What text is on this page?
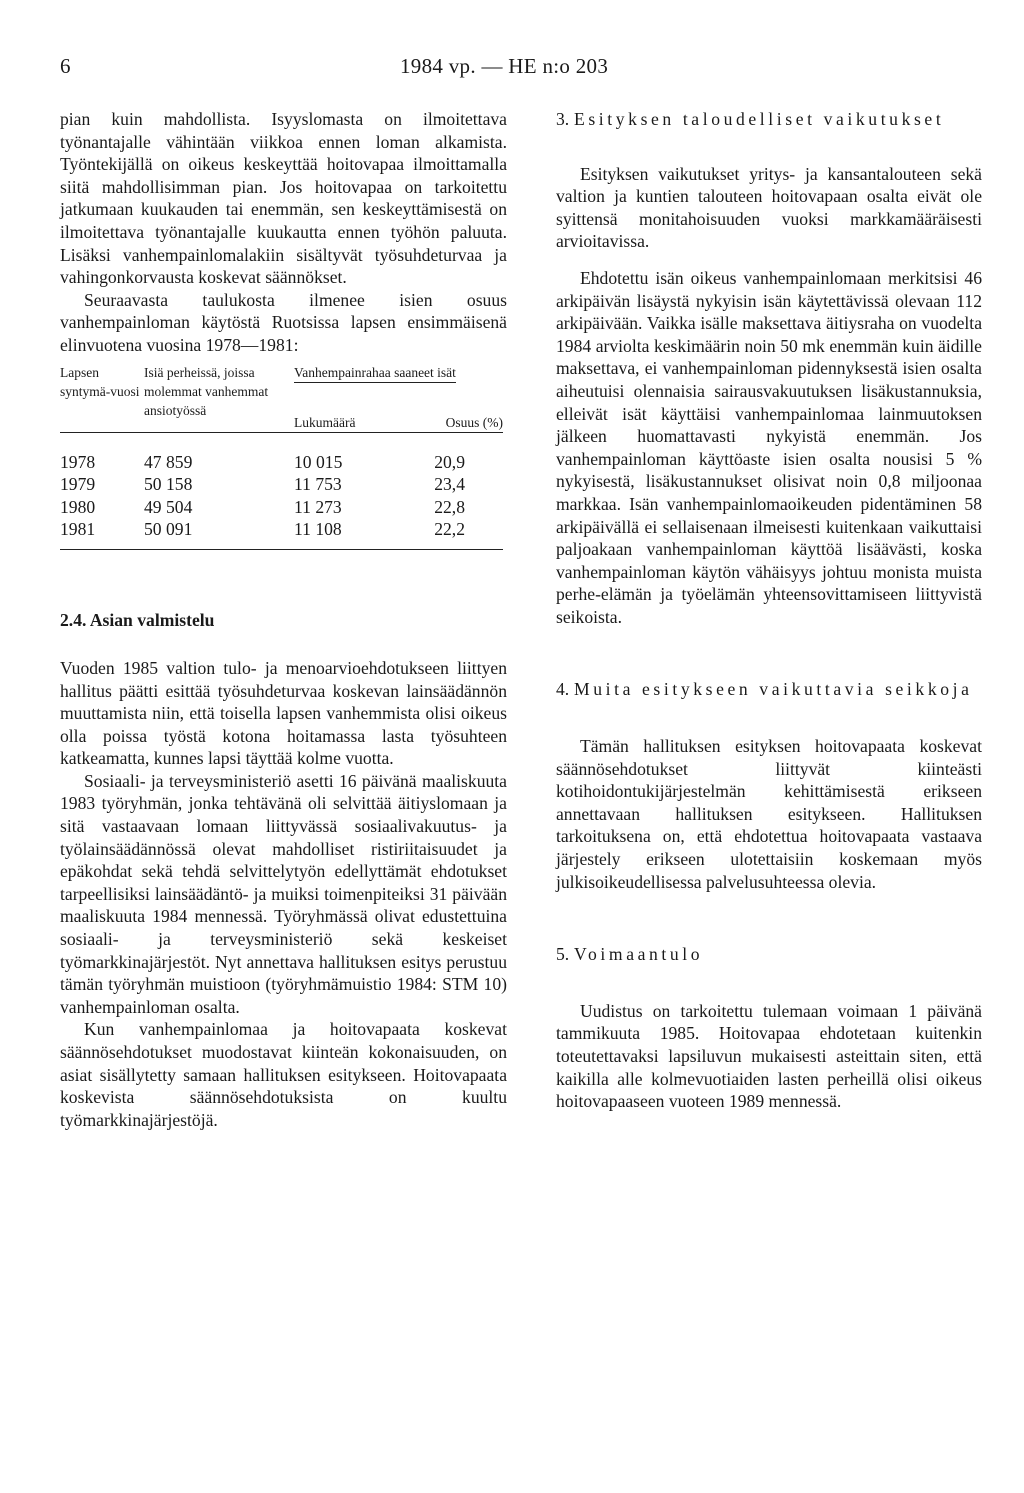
6	1984 vp. — HE n:o 203

pian kuin mahdollista. Isyyslomasta on ilmoitettava työnantajalle vähintään viikkoa ennen loman alkamista. Työntekijällä on oikeus keskeyttää hoitovapaa ilmoittamalla siitä mahdollisimman pian. Jos hoitovapaa on tarkoitettu jatkumaan kuukauden tai enemmän, sen keskeyttämisestä on ilmoitettava työnantajalle kuukautta ennen työhön paluuta. Lisäksi vanhempainlomalakiin sisältyvät työsuhdeturvaa ja vahingonkorvausta koskevat säännökset.

Seuraavasta taulukosta ilmenee isien osuus vanhempainloman käytöstä Ruotsissa lapsen ensimmäisenä elinvuotena vuosina 1978—1981:

Lapsen syntymä-vuosi	Isiä perheissä, joissa molemmat vanhemmat ansiotyössä	Vanhempainrahaa saaneet isät	
		Lukumäärä	Osuus (%)
1978	47 859	10 015	20,9
1979	50 158	11 753	23,4
1980	49 504	11 273	22,8
1981	50 091	11 108	22,2

2.4. Asian valmistelu

Vuoden 1985 valtion tulo- ja menoarvioehdotukseen liittyen hallitus päätti esittää työsuhdeturvaa koskevan lainsäädännön muuttamista niin, että toisella lapsen vanhemmista olisi oikeus olla poissa työstä kotona hoitamassa lasta työsuhteen katkeamatta, kunnes lapsi täyttää kolme vuotta.

Sosiaali- ja terveysministeriö asetti 16 päivänä maaliskuuta 1983 työryhmän, jonka tehtävänä oli selvittää äitiyslomaan ja sitä vastaavaan lomaan liittyvässä sosiaalivakuutus- ja työlainsäädännössä olevat mahdolliset ristiriitaisuudet ja epäkohdat sekä tehdä selvittelytyön edellyttämät ehdotukset tarpeellisiksi lainsäädäntö- ja muiksi toimenpiteiksi 31 päivään maaliskuuta 1984 mennessä. Työryhmässä olivat edustettuina sosiaali- ja terveysministeriö sekä keskeiset työmarkkinajärjestöt. Nyt annettava hallituksen esitys perustuu tämän työryhmän muistioon (työryhmämuistio 1984: STM 10) vanhempainloman osalta.

Kun vanhempainlomaa ja hoitovapaata koskevat säännösehdotukset muodostavat kiinteän kokonaisuuden, on asiat sisällytetty samaan hallituksen esitykseen. Hoitovapaata koskevista säännösehdotuksista on kuultu työmarkkinajärjestöjä.

3. Esityksen taloudelliset vaikutukset

Esityksen vaikutukset yritys- ja kansantalouteen sekä valtion ja kuntien talouteen hoitovapaan osalta eivät ole syittensä monitahoisuuden vuoksi markkamääräisesti arvioitavissa.

Ehdotettu isän oikeus vanhempainlomaan merkitsisi 46 arkipäivän lisäystä nykyisin isän käytettävissä olevaan 112 arkipäivään. Vaikka isälle maksettava äitiysraha on vuodelta 1984 arviolta keskimäärin noin 50 mk enemmän kuin äidille maksettava, ei vanhempainloman pidennyksestä isien osalta aiheutuisi olennaisia sairausvakuutuksen lisäkustannuksia, elleivät isät käyttäisi vanhempainlomaa lainmuutoksen jälkeen huomattavasti nykyistä enemmän. Jos vanhempainloman käyttöaste isien osalta nousisi 5 % nykyisestä, lisäkustannukset olisivat noin 0,8 miljoonaa markkaa. Isän vanhempainlomaoikeuden pidentäminen 58 arkipäivällä ei sellaisenaan ilmeisesti kuitenkaan vaikuttaisi paljoakaan vanhempainloman käyttöä lisäävästi, koska vanhempainloman käytön vähäisyys johtuu monista muista perhe-elämän ja työelämän yhteensovittamiseen liittyvistä seikoista.

4. Muita esitykseen vaikuttavia seikkoja

Tämän hallituksen esityksen hoitovapaata koskevat säännösehdotukset liittyvät kiinteästi kotihoidontukijärjestelmän kehittämisestä erikseen annettavaan hallituksen esitykseen. Hallituksen tarkoituksena on, että ehdotettua hoitovapaata vastaava järjestely erikseen ulotettaisiin koskemaan myös julkisoikeudellisessa palvelusuhteessa olevia.

5. Voimaantulo

Uudistus on tarkoitettu tulemaan voimaan 1 päivänä tammikuuta 1985. Hoitovapaa ehdotetaan kuitenkin toteutettavaksi lapsiluvun mukaisesti asteittain siten, että kaikilla alle kolmevuotiaiden lasten perheillä olisi oikeus hoitovapaaseen vuoteen 1989 mennessä.
